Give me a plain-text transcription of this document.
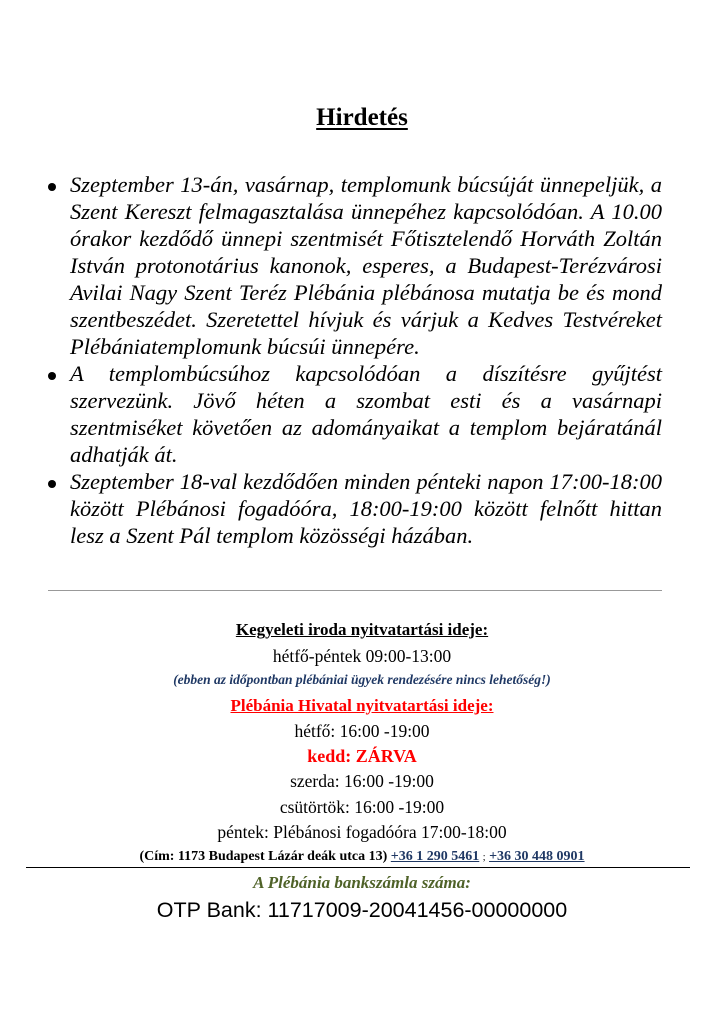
Hirdetés
Szeptember 13-án, vasárnap, templomunk búcsúját ünnepeljük, a Szent Kereszt felmagasztalása ünnepéhez kapcsolódóan. A 10.00 órakor kezdődő ünnepi szentmisét Főtisztelendő Horváth Zoltán István protonotárius kanonok, esperes, a Budapest-Terézvárosi Avilai Nagy Szent Teréz Plébánia plébánosa mutatja be és mond szentbeszédet. Szeretettel hívjuk és várjuk a Kedves Testvéreket Plébániatemplomunk búcsúi ünnepére.
A templombúcsúhoz kapcsolódóan a díszítésre gyűjtést szervezünk. Jövő héten a szombat esti és a vasárnapi szentmiséket követően az adományaikat a templom bejáratánál adhatják át.
Szeptember 18-val kezdődően minden pénteki napon 17:00-18:00 között Plébánosi fogadóóra, 18:00-19:00 között felnőtt hittan lesz a Szent Pál templom közösségi házában.
Kegyeleti iroda nyitvatartási ideje:
hétfő-péntek 09:00-13:00
(ebben az időpontban plébániai ügyek rendezésére nincs lehetőség!)
Plébánia Hivatal nyitvatartási ideje:
hétfő: 16:00 -19:00
kedd: ZÁRVA
szerda: 16:00 -19:00
csütörtök: 16:00 -19:00
péntek: Plébánosi fogadóóra 17:00-18:00
(Cím: 1173 Budapest Lázár deák utca 13) +36 1 290 5461 ; +36 30 448 0901
A Plébánia bankszámla száma:
OTP Bank: 11717009-20041456-00000000
